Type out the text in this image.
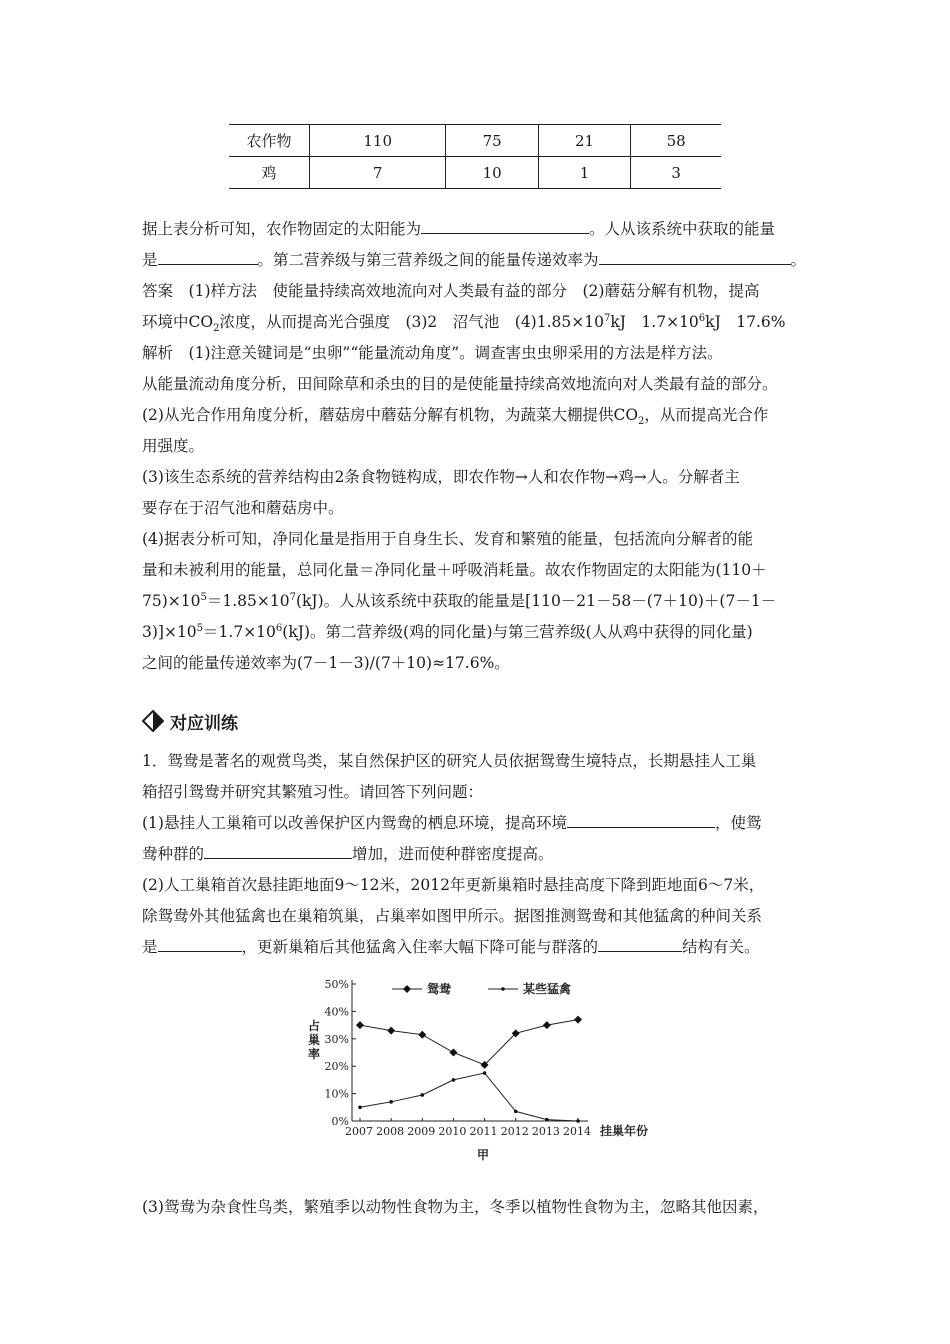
农作物	110	75	21	58
鸡	7	10	1	3
据上表分析可知，农作物固定的太阳能为	。人从该系统中获取的能量
是	。第二营养级与第三营养级之间的能量传递效率为	。
答案　 (1)样方法　使能量持续高效地流向对人类最有益的部分　(2)蘑菇分解有机物，提高
环境中$CO_2$浓度，从而提高光合强度　(3)2　沼气池　$(4)1.85\times 10^7kJ$　$1.7\times 10^6kJ$　17.6%
解析　 (1)注意关键词是“虫卵”“能量流动角度”。调查害虫虫卵采用的方法是样方法。
从能量流动角度分析，田间除草和杀虫的目的是使能量持续高效地流向对人类最有益的部分。
(2)从光合作用角度分析，蘑菇房中蘑菇分解有机物，为蔬菜大棚提供$CO_2$，从而提高光合作
用强度。
(3)该生态系统的营养结构由2条食物链构成，即农作物→人和农作物→鸡→人。分解者主
要存在于沼气池和蘑菇房中。
(4)据表分析可知，净同化量是指用于自身生长、发育和繁殖的能量，包括流向分解者的能
量和未被利用的能量，总同化量＝净同化量＋呼吸消耗量。故农作物固定的太阳能为(110＋
$75)\times 10^5=1.85\times 10^7(kJ)$。人从该系统中获取的能量是[110－21－58－(7＋10)＋(7－1－
$3)]\times 10^5=1.7\times 10^6(kJ)$。第二营养级(鸡的同化量)与第三营养级(人从鸡中获得的同化量)
之间的能量传递效率为(7－1－3)/(7＋10)≈17.6%。
对应训练
1．鸳鸯是著名的观赏鸟类，某自然保护区的研究人员依据鸳鸯生境特点，长期悬挂人工巢
箱招引鸳鸯并研究其繁殖习性。请回答下列问题：
(1)悬挂人工巢箱可以改善保护区内鸳鸯的栖息环境，提高环境	，使鸳
鸯种群的	增加，进而使种群密度提高。
(2)人工巢箱首次悬挂距地面9～12米，2012年更新巢箱时悬挂高度下降到距地面6～7米，
除鸳鸯外其他猛禽也在巢箱筑巢，占巢率如图甲所示。据图推测鸳鸯和其他猛禽的种间关系
是	，更新巢箱后其他猛禽入住率大幅下降可能与群落的	结构有关。
0%
10%
20%
30%
40%
50%
2007 2008 2009 2010 2011 2012 2013 2014 挂巢年份
占巢率
甲
鸳鸯	某些猛禽
(3)鸳鸯为杂食性鸟类，繁殖季以动物性食物为主，冬季以植物性食物为主，忽略其他因素，
